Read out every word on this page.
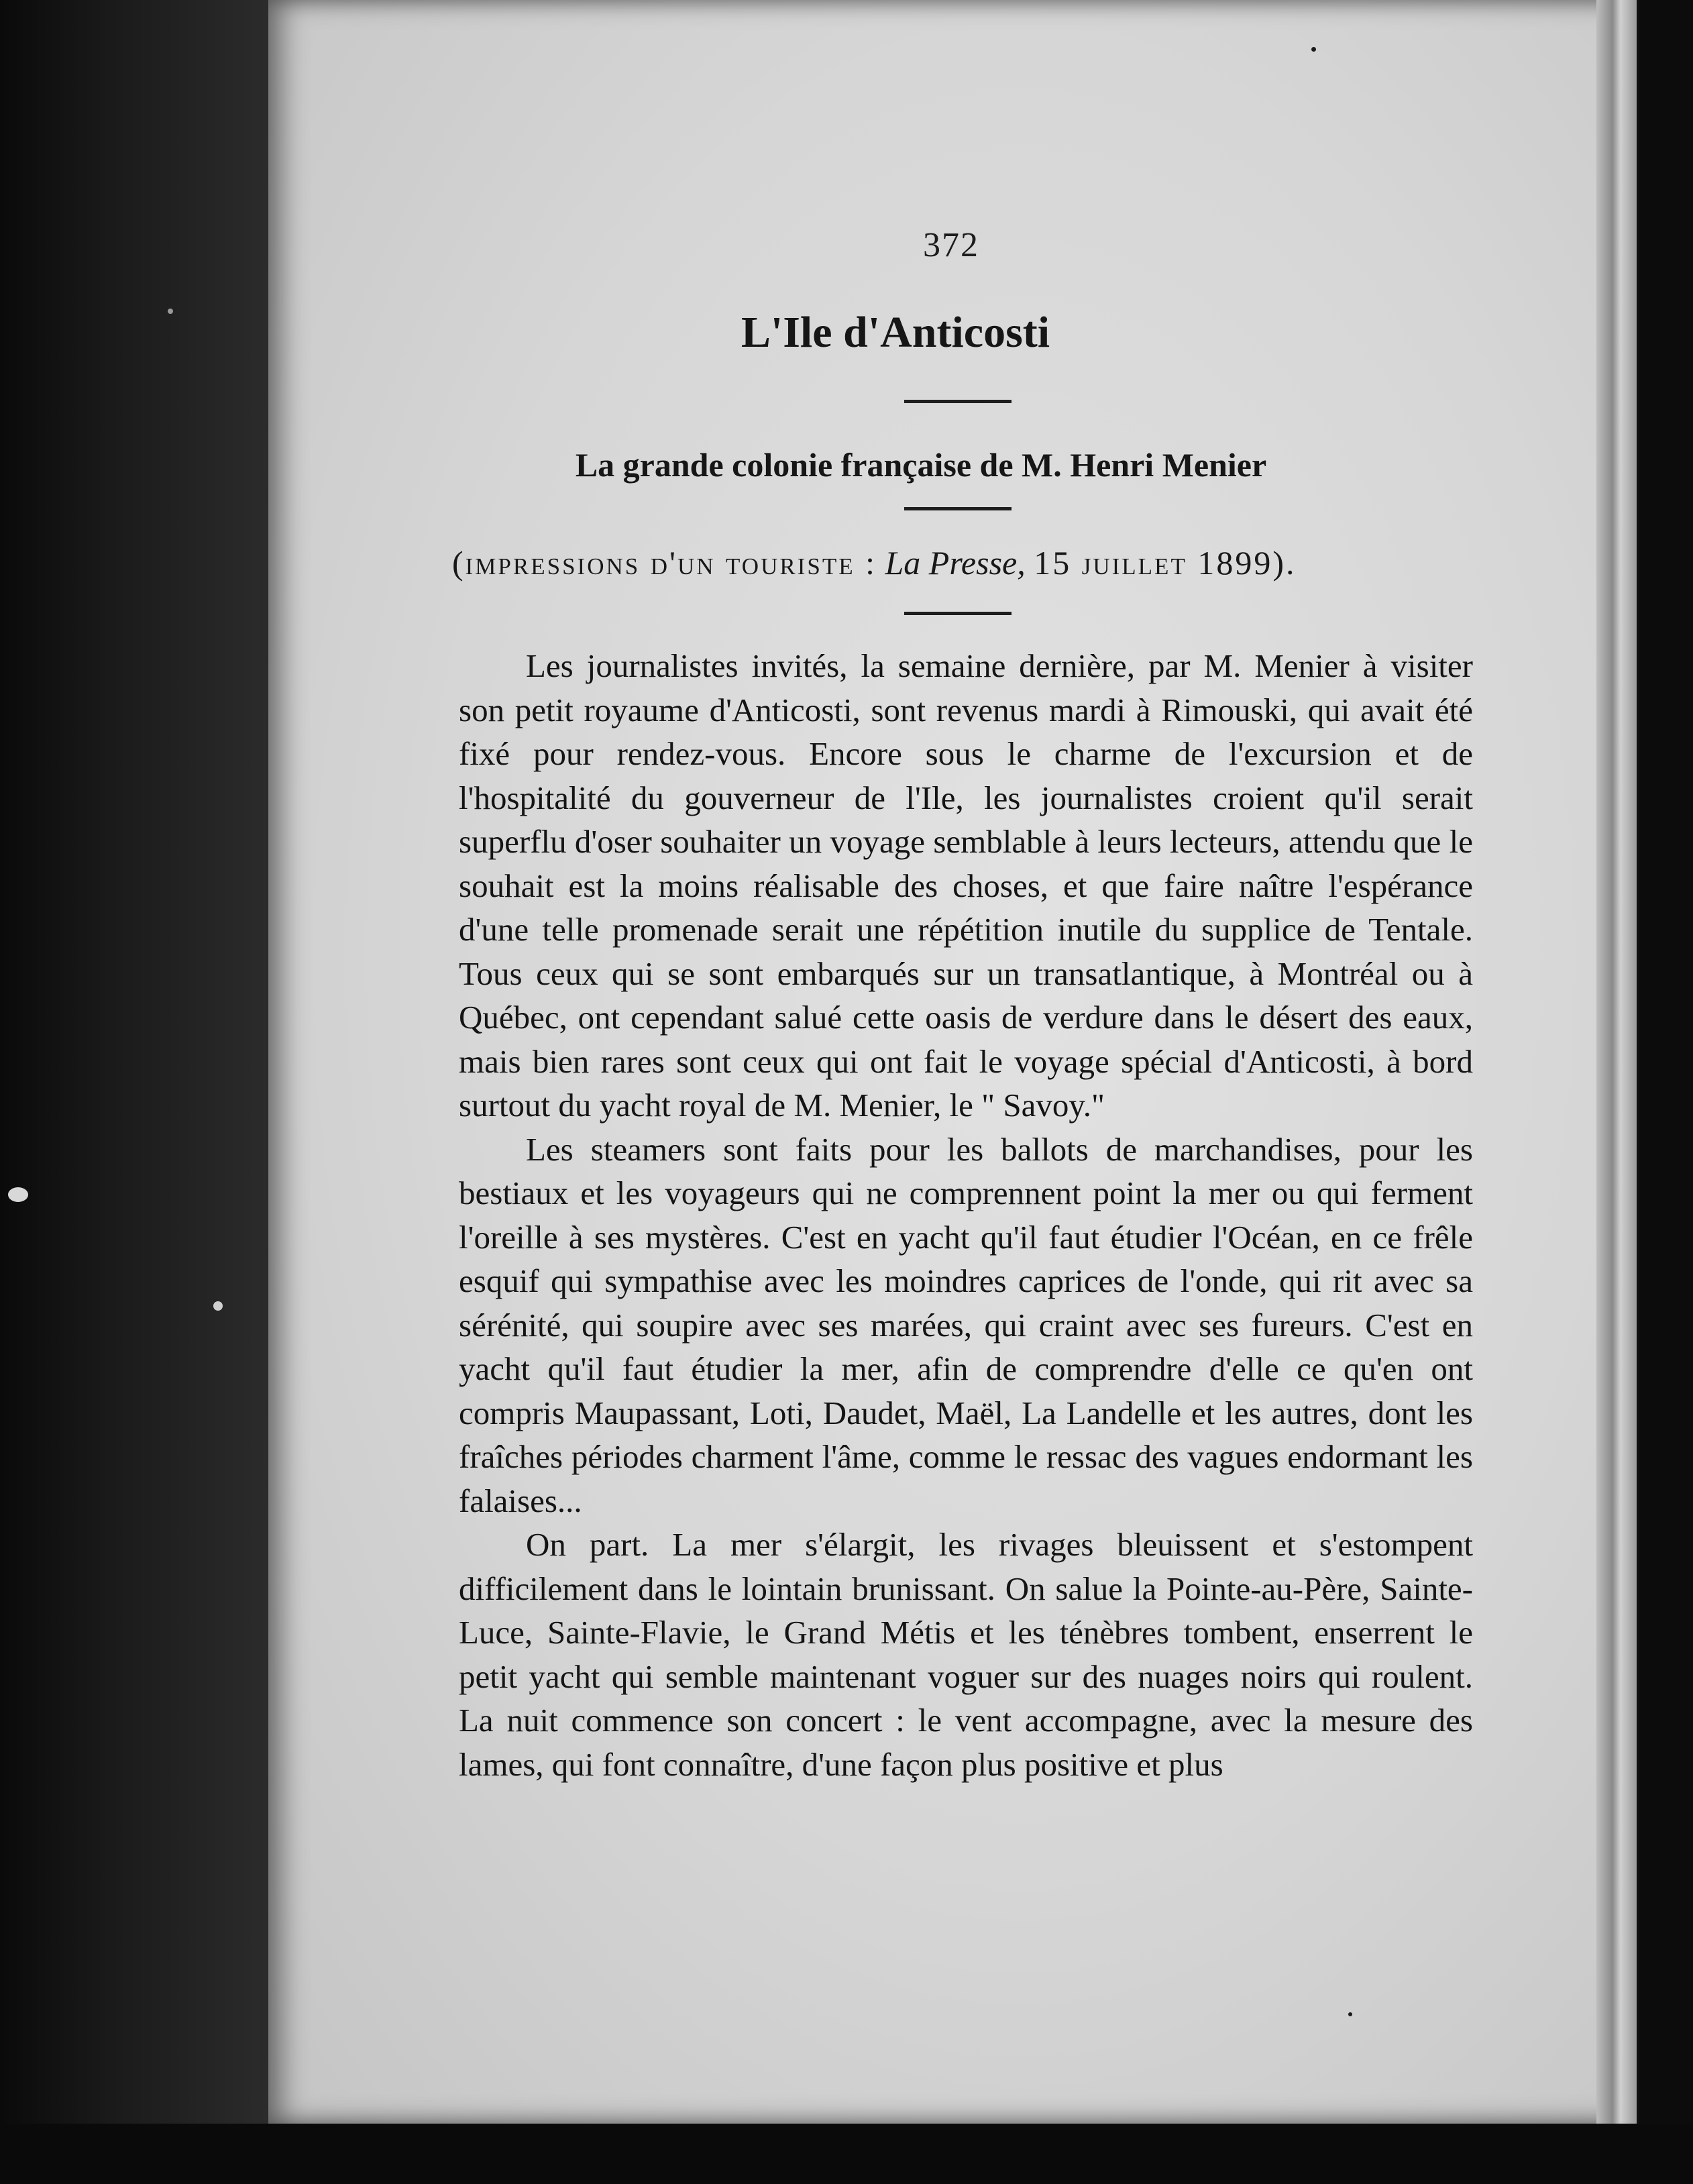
372
L'Ile d'Anticosti
La grande colonie française de M. Henri Menier
(impressions d'un touriste : La Presse, 15 juillet 1899).

Les journalistes invités, la semaine dernière, par M. Menier à visiter son petit royaume d'Anticosti, sont revenus mardi à Rimouski, qui avait été fixé pour rendez-vous. Encore sous le charme de l'excursion et de l'hospitalité du gouverneur de l'Ile, les journalistes croient qu'il serait superflu d'oser souhaiter un voyage semblable à leurs lecteurs, attendu que le souhait est la moins réalisable des choses, et que faire naître l'espérance d'une telle promenade serait une répétition inutile du supplice de Tentale. Tous ceux qui se sont embarqués sur un transatlantique, à Montréal ou à Québec, ont cependant salué cette oasis de verdure dans le désert des eaux, mais bien rares sont ceux qui ont fait le voyage spécial d'Anticosti, à bord surtout du yacht royal de M. Menier, le " Savoy."

Les steamers sont faits pour les ballots de marchandises, pour les bestiaux et les voyageurs qui ne comprennent point la mer ou qui ferment l'oreille à ses mystères. C'est en yacht qu'il faut étudier l'Océan, en ce frêle esquif qui sympathise avec les moindres caprices de l'onde, qui rit avec sa sérénité, qui soupire avec ses marées, qui craint avec ses fureurs. C'est en yacht qu'il faut étudier la mer, afin de comprendre d'elle ce qu'en ont compris Maupassant, Loti, Daudet, Maël, La Landelle et les autres, dont les fraîches périodes charment l'âme, comme le ressac des vagues endormant les falaises...

On part. La mer s'élargit, les rivages bleuissent et s'estompent difficilement dans le lointain brunissant. On salue la Pointe-au-Père, Sainte-Luce, Sainte-Flavie, le Grand Métis et les ténèbres tombent, enserrent le petit yacht qui semble maintenant voguer sur des nuages noirs qui roulent. La nuit commence son concert : le vent accompagne, avec la mesure des lames, qui font connaître, d'une façon plus positive et plus
